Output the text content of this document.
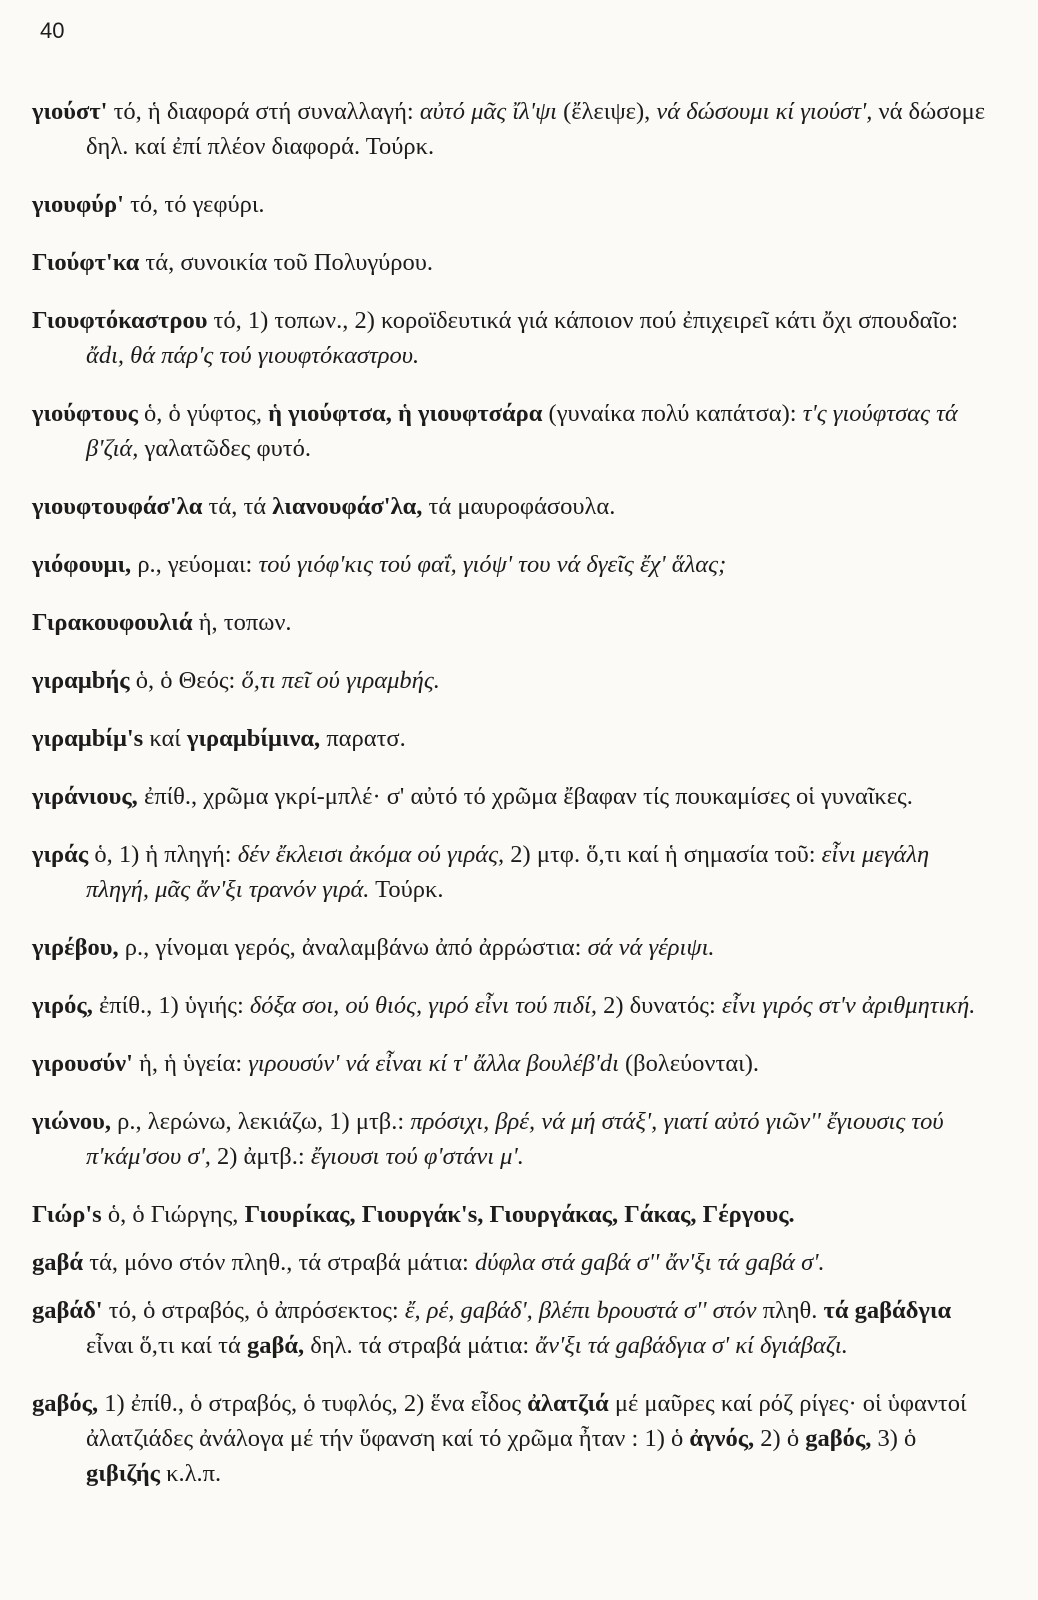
40

γιούστ' τό, ἡ διαφορά στή συναλλαγή: αὐτό μᾶς ἴλ'ψι (ἔλειψε), νά δώσουμι κί γιούστ', νά δώσομε δηλ. καί ἐπί πλέον διαφορά. Τούρκ.

γιουφύρ' τό, τό γεφύρι.

Γιούφτ'κα τά, συνοικία τοῦ Πολυγύρου.

Γιουφτόκαστρου τό, 1) τοπων., 2) κοροϊδευτικά γιά κάποιον πού ἐπιχειρεῖ κάτι ὄχι σπουδαῖο: ἄdι, θά πάρ'ς τού γιουφτόκαστρου.

γιούφτους ὁ, ὁ γύφτος, ἡ γιούφτσα, ἡ γιουφτσάρα (γυναίκα πολύ καπάτσα): τ'ς γιούφτσας τά β'ζιά, γαλατῶδες φυτό.

γιουφτουφάσ'λα τά, τά λιανουφάσ'λα, τά μαυροφάσουλα.

γιόφουμι, ρ., γεύομαι: τού γιόφ'κις τού φαΐ, γιόψ' του νά δγεῖς ἔχ' ἅλας;

Γιρακουφουλιά ἡ, τοπων.

γιραμbής ὁ, ὁ Θεός: ὅ,τι πεῖ ού γιραμbής.

γιραμbίμ's καί γιραμbίμινα, παρατσ.

γιράνιους, ἐπίθ., χρῶμα γκρί-μπλέ· σ' αὐτό τό χρῶμα ἔβαφαν τίς πουκαμίσες οἱ γυναῖκες.

γιράς ὁ, 1) ἡ πληγή: δέν ἔκλεισι ἀκόμα ού γιράς, 2) μτφ. ὅ,τι καί ἡ σημασία τοῦ: εἶνι μεγάλη πληγή, μᾶς ἄν'ξι τρανόν γιρά. Τούρκ.

γιρέβου, ρ., γίνομαι γερός, ἀναλαμβάνω ἀπό ἀρρώστια: σά νά γέριψι.

γιρός, ἐπίθ., 1) ὑγιής: δόξα σοι, ού θιός, γιρό εἶνι τού πιδί, 2) δυνατός: εἶνι γιρός στ'ν ἀριθμητική.

γιρουσύν' ἡ, ἡ ὑγεία: γιρουσύν' νά εἶναι κί τ' ἄλλα βουλέβ'dι (βολεύονται).

γιώνου, ρ., λερώνω, λεκιάζω, 1) μτβ.: πρόσιχι, βρέ, νά μή στάξ', γιατί αὐτό γιῶν'' ἔγιουσις τού π'κάμ'σου σ', 2) ἀμτβ.: ἔγιουσι τού φ'στάνι μ'.

Γιώρ's ὁ, ὁ Γιώργης, Γιουρίκας, Γιουργάκ's, Γιουργάκας, Γάκας, Γέργους.

gaβά τά, μόνο στόν πληθ., τά στραβά μάτια: dύφλα στά gaβά σ'' ἄν'ξι τά gaβά σ'.

gaβάδ' τό, ὁ στραβός, ὁ ἀπρόσεκτος: ἔ, ρέ, gaβάδ', βλέπι bρουστά σ'' στόν πληθ. τά gaβάδγια εἶναι ὅ,τι καί τά gaβά, δηλ. τά στραβά μάτια: ἄν'ξι τά gaβάδγια σ' κί δγιάβαζι.

gaβός, 1) ἐπίθ., ὁ στραβός, ὁ τυφλός, 2) ἕνα εἶδος ἀλατζιά μέ μαῦρες καί ρόζ ρίγες· οἱ ὑφαντοί ἀλατζιάδες ἀνάλογα μέ τήν ὕφανση καί τό χρῶμα ἦταν : 1) ὁ ἀγνός, 2) ὁ gaβός, 3) ὁ gιβιζής κ.λ.π.
